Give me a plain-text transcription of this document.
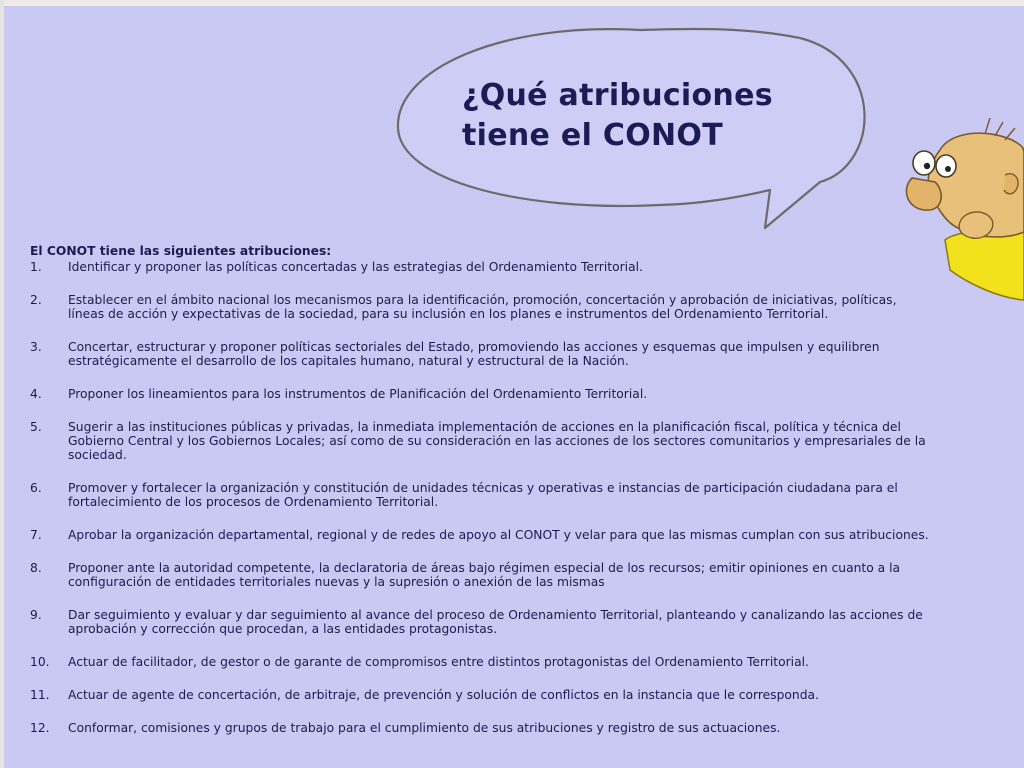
¿Qué atribuciones
tiene el CONOT

El CONOT tiene las siguientes atribuciones:

1. Identificar y proponer las políticas concertadas y las estrategias del Ordenamiento Territorial.
2. Establecer en el ámbito nacional los mecanismos para la identificación, promoción, concertación y aprobación de iniciativas, políticas,
líneas de acción y expectativas de la sociedad, para su inclusión en los planes e instrumentos del Ordenamiento Territorial.
3. Concertar, estructurar y proponer políticas sectoriales del Estado, promoviendo las acciones y esquemas que impulsen y equilibren
estratégicamente el desarrollo de los capitales humano, natural y estructural de la Nación.
4. Proponer los lineamientos para los instrumentos de Planificación del Ordenamiento Territorial.
5. Sugerir a las instituciones públicas y privadas, la inmediata implementación de acciones en la planificación fiscal, política y técnica del
Gobierno Central y los Gobiernos Locales; así como de su consideración en las acciones de los sectores comunitarios y empresariales de la
sociedad.
6. Promover y fortalecer la organización y constitución de unidades técnicas y operativas e instancias de participación ciudadana para el
fortalecimiento de los procesos de Ordenamiento Territorial.
7. Aprobar la organización departamental, regional y de redes de apoyo al CONOT y velar para que las mismas cumplan con sus atribuciones.
8. Proponer ante la autoridad competente, la declaratoria de áreas bajo régimen especial de los recursos; emitir opiniones en cuanto a la
configuración de entidades territoriales nuevas y la supresión o anexión de las mismas
9. Dar seguimiento y evaluar y dar seguimiento al avance del proceso de Ordenamiento Territorial, planteando y canalizando las acciones de
aprobación y corrección que procedan, a las entidades protagonistas.
10. Actuar de facilitador, de gestor o de garante de compromisos entre distintos protagonistas del Ordenamiento Territorial.
11. Actuar de agente de concertación, de arbitraje, de prevención y solución de conflictos en la instancia que le corresponda.
12. Conformar, comisiones y grupos de trabajo para el cumplimiento de sus atribuciones y registro de sus actuaciones.
